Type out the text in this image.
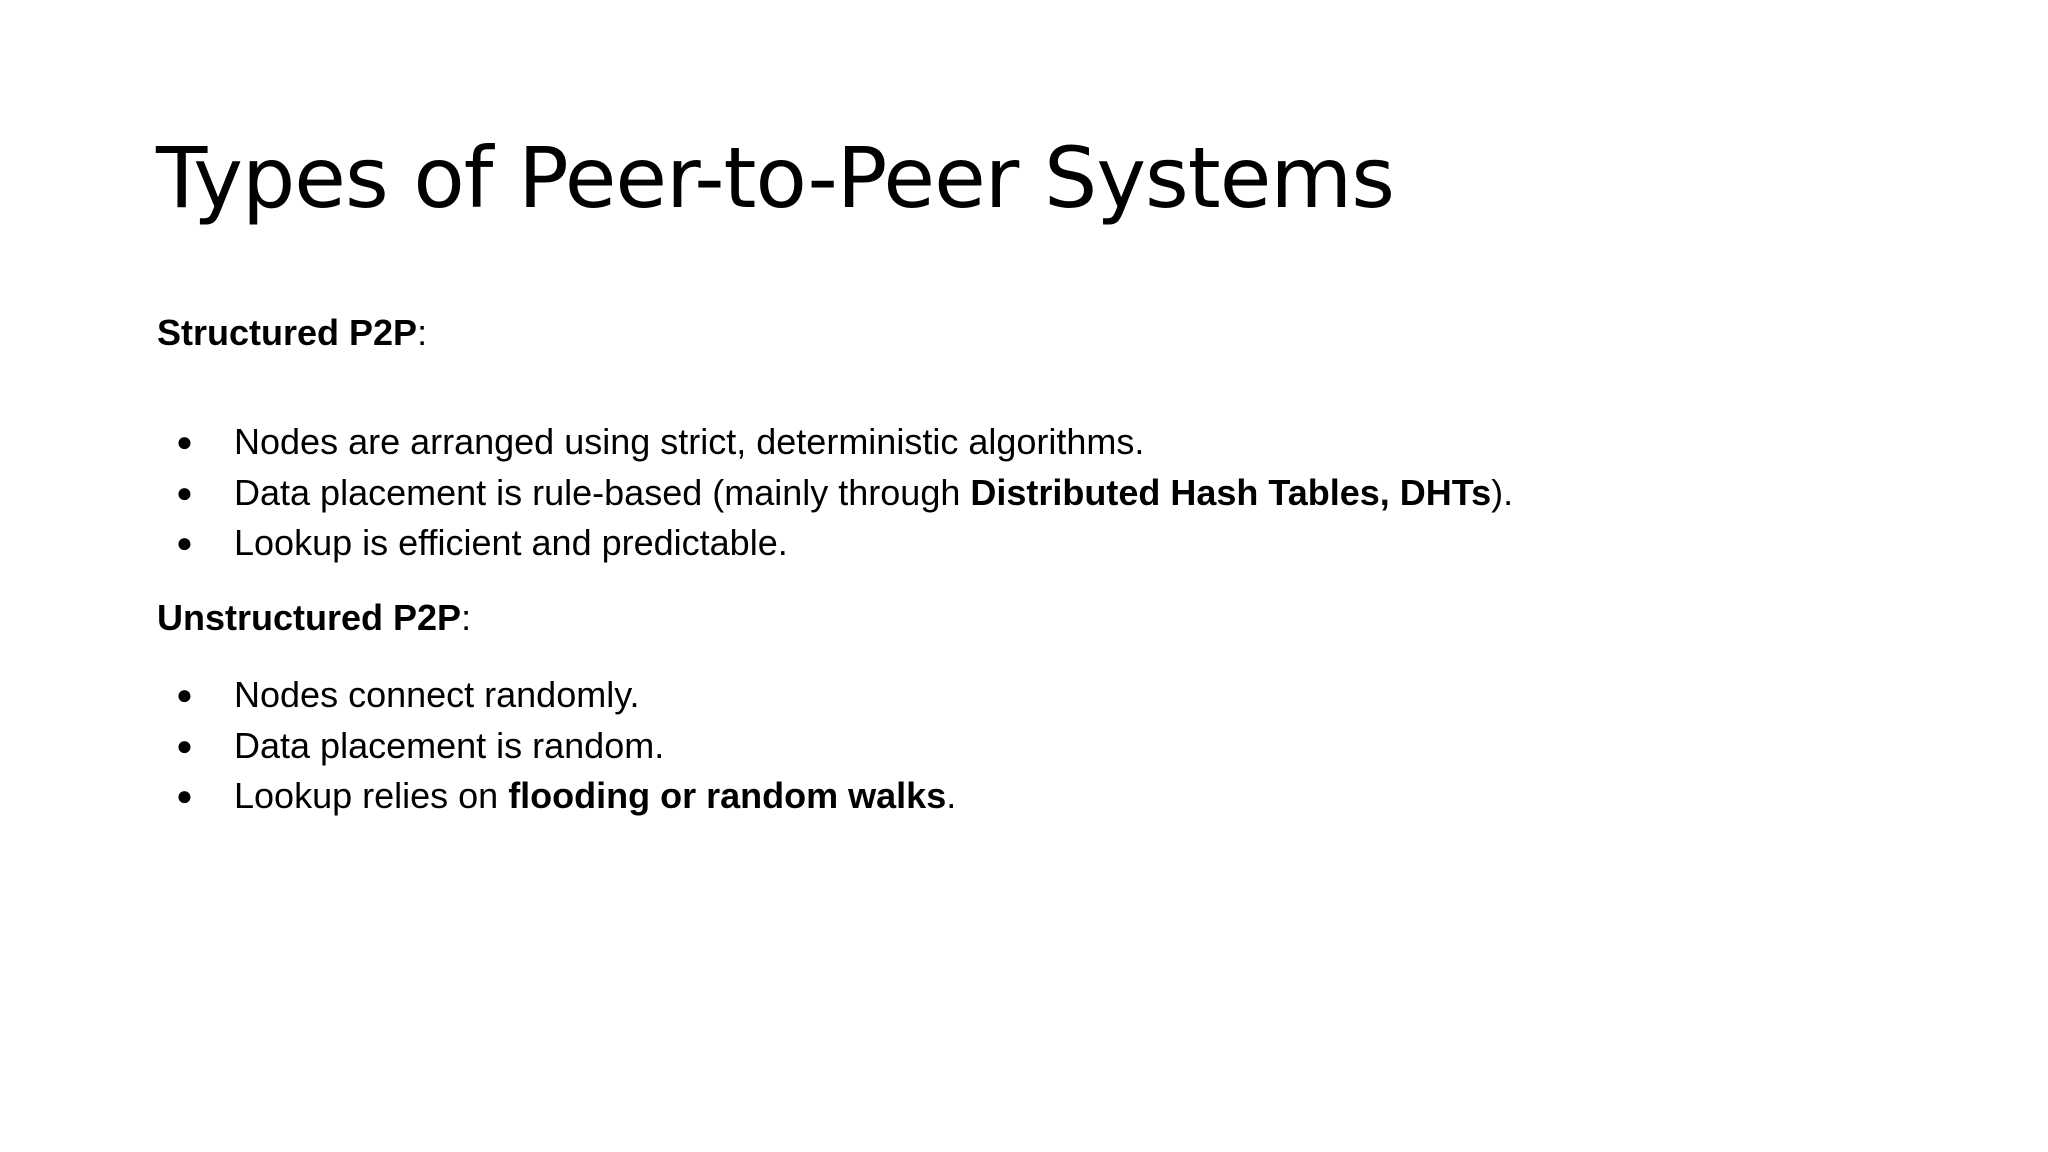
Types of Peer-to-Peer Systems

Structured P2P:

● Nodes are arranged using strict, deterministic algorithms.
● Data placement is rule-based (mainly through Distributed Hash Tables, DHTs).
● Lookup is efficient and predictable.

Unstructured P2P:

● Nodes connect randomly.
● Data placement is random.
● Lookup relies on flooding or random walks.
